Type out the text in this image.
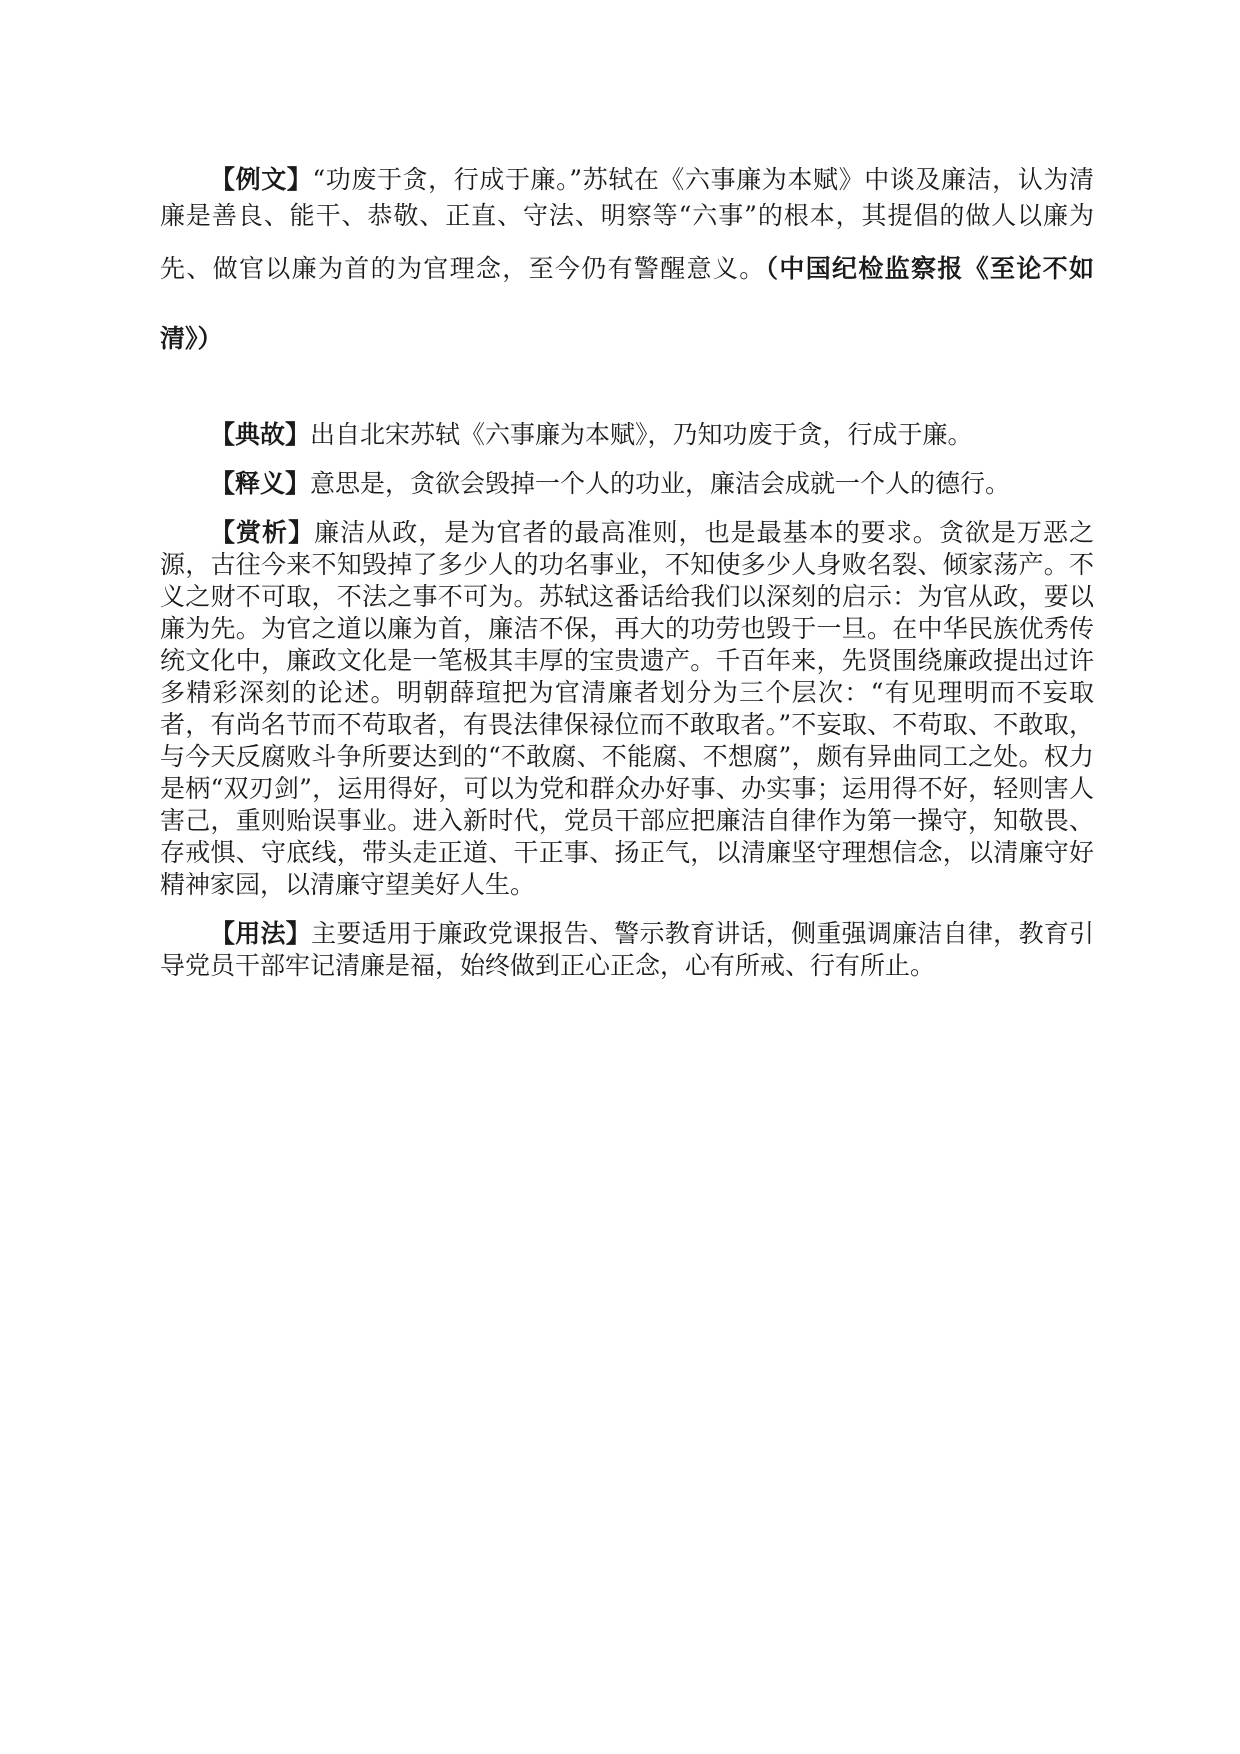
【例文】“功废于贪，行成于廉。”苏轼在《六事廉为本赋》中谈及廉洁，认为清廉是善良、能干、恭敬、正直、守法、明察等“六事”的根本，其提倡的做人以廉为先、做官以廉为首的为官理念，至今仍有警醒意义。（中国纪检监察报《至论不如清》）

【典故】出自北宋苏轼《六事廉为本赋》，乃知功废于贪，行成于廉。

【释义】意思是，贪欲会毁掉一个人的功业，廉洁会成就一个人的德行。

【赏析】廉洁从政，是为官者的最高准则，也是最基本的要求。贪欲是万恶之源，古往今来不知毁掉了多少人的功名事业，不知使多少人身败名裂、倾家荡产。不义之财不可取，不法之事不可为。苏轼这番话给我们以深刻的启示：为官从政，要以廉为先。为官之道以廉为首，廉洁不保，再大的功劳也毁于一旦。在中华民族优秀传统文化中，廉政文化是一笔极其丰厚的宝贵遗产。千百年来，先贤围绕廉政提出过许多精彩深刻的论述。明朝薛瑄把为官清廉者划分为三个层次：“有见理明而不妄取者，有尚名节而不苟取者，有畏法律保禄位而不敢取者。”不妄取、不苟取、不敢取，与今天反腐败斗争所要达到的“不敢腐、不能腐、不想腐”，颇有异曲同工之处。权力是柄“双刃剑”，运用得好，可以为党和群众办好事、办实事；运用得不好，轻则害人害己，重则贻误事业。进入新时代，党员干部应把廉洁自律作为第一操守，知敬畏、存戒惧、守底线，带头走正道、干正事、扬正气，以清廉坚守理想信念，以清廉守好精神家园，以清廉守望美好人生。

【用法】主要适用于廉政党课报告、警示教育讲话，侧重强调廉洁自律，教育引导党员干部牢记清廉是福，始终做到正心正念，心有所戒、行有所止。
